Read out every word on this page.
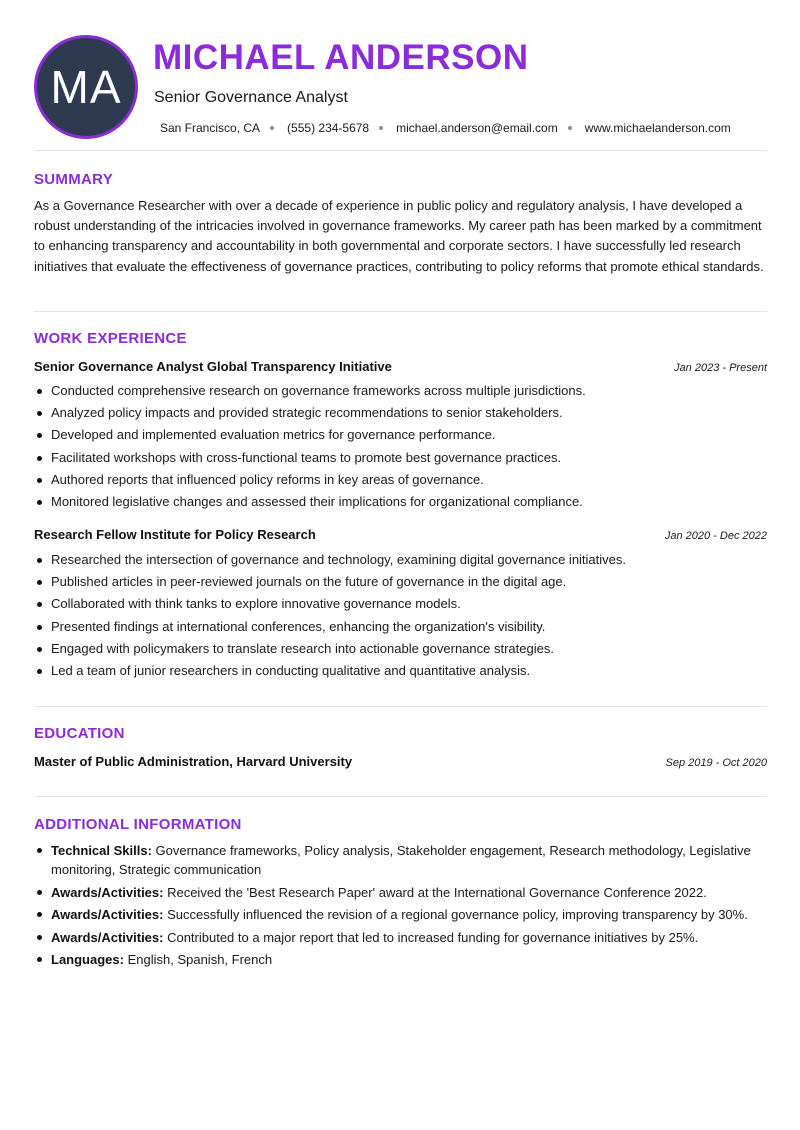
MA
MICHAEL ANDERSON
Senior Governance Analyst
San Francisco, CA (555) 234-5678 michael.anderson@email.com www.michaelanderson.com
SUMMARY
As a Governance Researcher with over a decade of experience in public policy and regulatory analysis, I have developed a robust understanding of the intricacies involved in governance frameworks. My career path has been marked by a commitment to enhancing transparency and accountability in both governmental and corporate sectors. I have successfully led research initiatives that evaluate the effectiveness of governance practices, contributing to policy reforms that promote ethical standards.
WORK EXPERIENCE
Senior Governance Analyst Global Transparency Initiative	Jan 2023 - Present
Conducted comprehensive research on governance frameworks across multiple jurisdictions.
Analyzed policy impacts and provided strategic recommendations to senior stakeholders.
Developed and implemented evaluation metrics for governance performance.
Facilitated workshops with cross-functional teams to promote best governance practices.
Authored reports that influenced policy reforms in key areas of governance.
Monitored legislative changes and assessed their implications for organizational compliance.
Research Fellow Institute for Policy Research	Jan 2020 - Dec 2022
Researched the intersection of governance and technology, examining digital governance initiatives.
Published articles in peer-reviewed journals on the future of governance in the digital age.
Collaborated with think tanks to explore innovative governance models.
Presented findings at international conferences, enhancing the organization's visibility.
Engaged with policymakers to translate research into actionable governance strategies.
Led a team of junior researchers in conducting qualitative and quantitative analysis.
EDUCATION
Master of Public Administration, Harvard University	Sep 2019 - Oct 2020
ADDITIONAL INFORMATION
Technical Skills: Governance frameworks, Policy analysis, Stakeholder engagement, Research methodology, Legislative monitoring, Strategic communication
Awards/Activities: Received the 'Best Research Paper' award at the International Governance Conference 2022.
Awards/Activities: Successfully influenced the revision of a regional governance policy, improving transparency by 30%.
Awards/Activities: Contributed to a major report that led to increased funding for governance initiatives by 25%.
Languages: English, Spanish, French
